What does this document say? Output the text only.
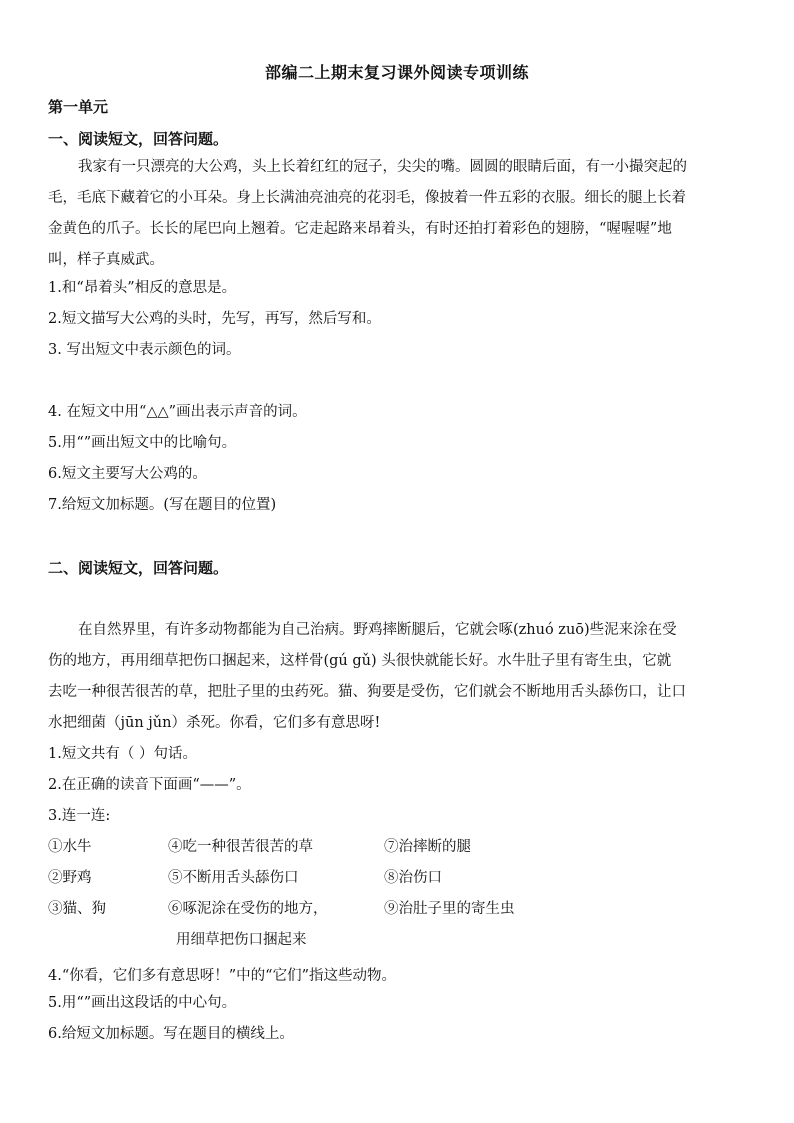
部编二上期末复习课外阅读专项训练
第一单元
一、阅读短文，回答问题。
我家有一只漂亮的大公鸡，头上长着红红的冠子，尖尖的嘴。圆圆的眼睛后面，有一小撮突起的
毛，毛底下藏着它的小耳朵。身上长满油亮油亮的花羽毛，像披着一件五彩的衣服。细长的腿上长着
金黄色的爪子。长长的尾巴向上翘着。它走起路来昂着头，有时还拍打着彩色的翅膀，“喔喔喔”地
叫，样子真威武。
1.和“昂着头”相反的意思是。
2.短文描写大公鸡的头时，先写，再写，然后写和。
3. 写出短文中表示颜色的词。
4. 在短文中用“△△”画出表示声音的词。
5.用“”画出短文中的比喻句。
6.短文主要写大公鸡的。
7.给短文加标题。(写在题目的位置)
二、阅读短文，回答问题。
在自然界里，有许多动物都能为自己治病。野鸡摔断腿后，它就会啄(zhuó zuō)些泥来涂在受
伤的地方，再用细草把伤口捆起来，这样骨(gú gǔ) 头很快就能长好。水牛肚子里有寄生虫，它就
去吃一种很苦很苦的草，把肚子里的虫药死。猫、狗要是受伤，它们就会不断地用舌头舔伤口，让口
水把细菌（jūn jǔn）杀死。你看，它们多有意思呀!
1.短文共有（ ）句话。
2.在正确的读音下面画“——”。
3.连一连:
①水牛
②野鸡
③猫、狗
④吃一种很苦很苦的草
⑤不断用舌头舔伤口
⑥啄泥涂在受伤的地方，
用细草把伤口捆起来
⑦治摔断的腿
⑧治伤口
⑨治肚子里的寄生虫
4.“你看，它们多有意思呀！”中的“它们”指这些动物。
5.用“”画出这段话的中心句。
6.给短文加标题。写在题目的横线上。
